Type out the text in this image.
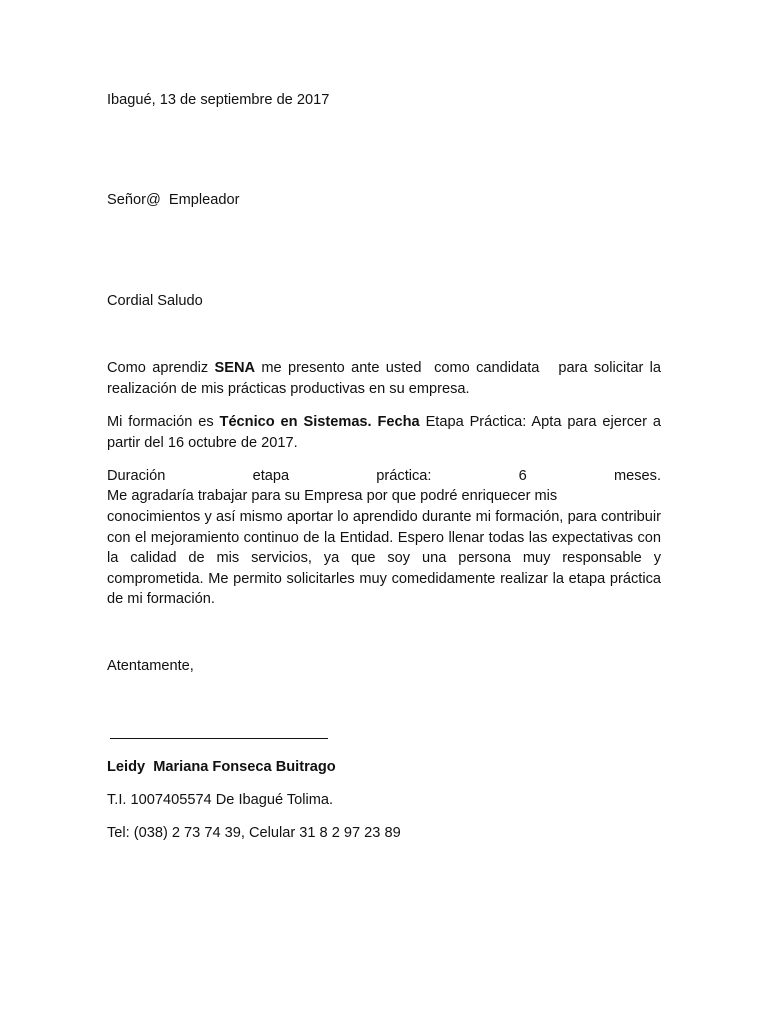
Ibagué, 13 de septiembre de 2017
Señor@  Empleador
Cordial Saludo
Como aprendiz SENA me presento ante usted  como candidata   para solicitar la realización de mis prácticas productivas en su empresa.
Mi formación es Técnico en Sistemas. Fecha Etapa Práctica: Apta para ejercer a partir del 16 octubre de 2017.
Duración etapa práctica: 6 meses.
Me agradaría trabajar para su Empresa por que podré enriquecer mis
conocimientos y así mismo aportar lo aprendido durante mi formación, para contribuir con el mejoramiento continuo de la Entidad. Espero llenar todas las expectativas con la calidad de mis servicios, ya que soy una persona muy responsable y comprometida. Me permito solicitarles muy comedidamente realizar la etapa práctica de mi formación.
Atentamente,
Leidy  Mariana Fonseca Buitrago
T.I. 1007405574 De Ibagué Tolima.
Tel: (038) 2 73 74 39, Celular 31 8 2 97 23 89
